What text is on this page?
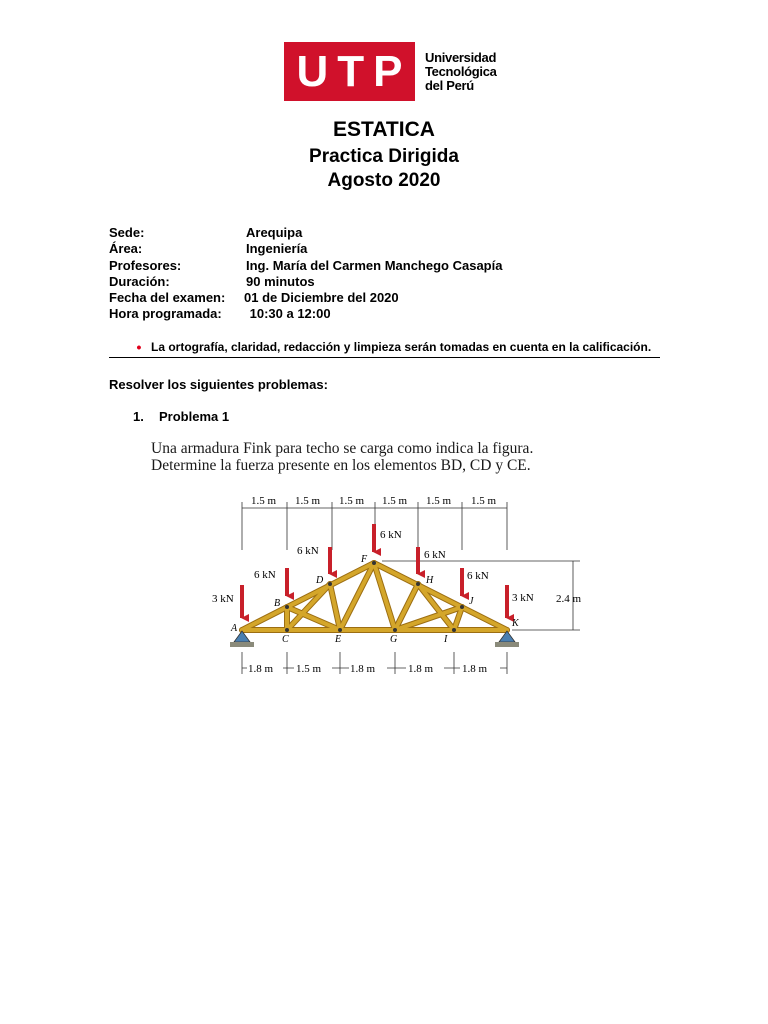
U T P Universidad
Tecnológica
del Perú
ESTATICA
Practica Dirigida
Agosto 2020
Sede:	Arequipa
Área:	Ingeniería
Profesores:	Ing. María del Carmen Manchego Casapía
Duración:	90 minutos
Fecha del examen:	01 de Diciembre del 2020
Hora programada:	10:30 a 12:00
• La ortografía, claridad, redacción y limpieza serán tomadas en cuenta en la calificación.
Resolver los siguientes problemas:
1.	Problema 1
Una armadura Fink para techo se carga como indica la figura.
Determine la fuerza presente en los elementos BD, CD y CE.
1.5 m 1.5 m 1.5 m 1.5 m 1.5 m 1.5 m
2.4 m
3 kN
6 kN
6 kN
6 kN
6 kN
6 kN
3 kN
A
B
C
D
E
F
G
H
I
J
K
1.8 m 1.5 m	1.8 m	1.8 m	1.8 m
